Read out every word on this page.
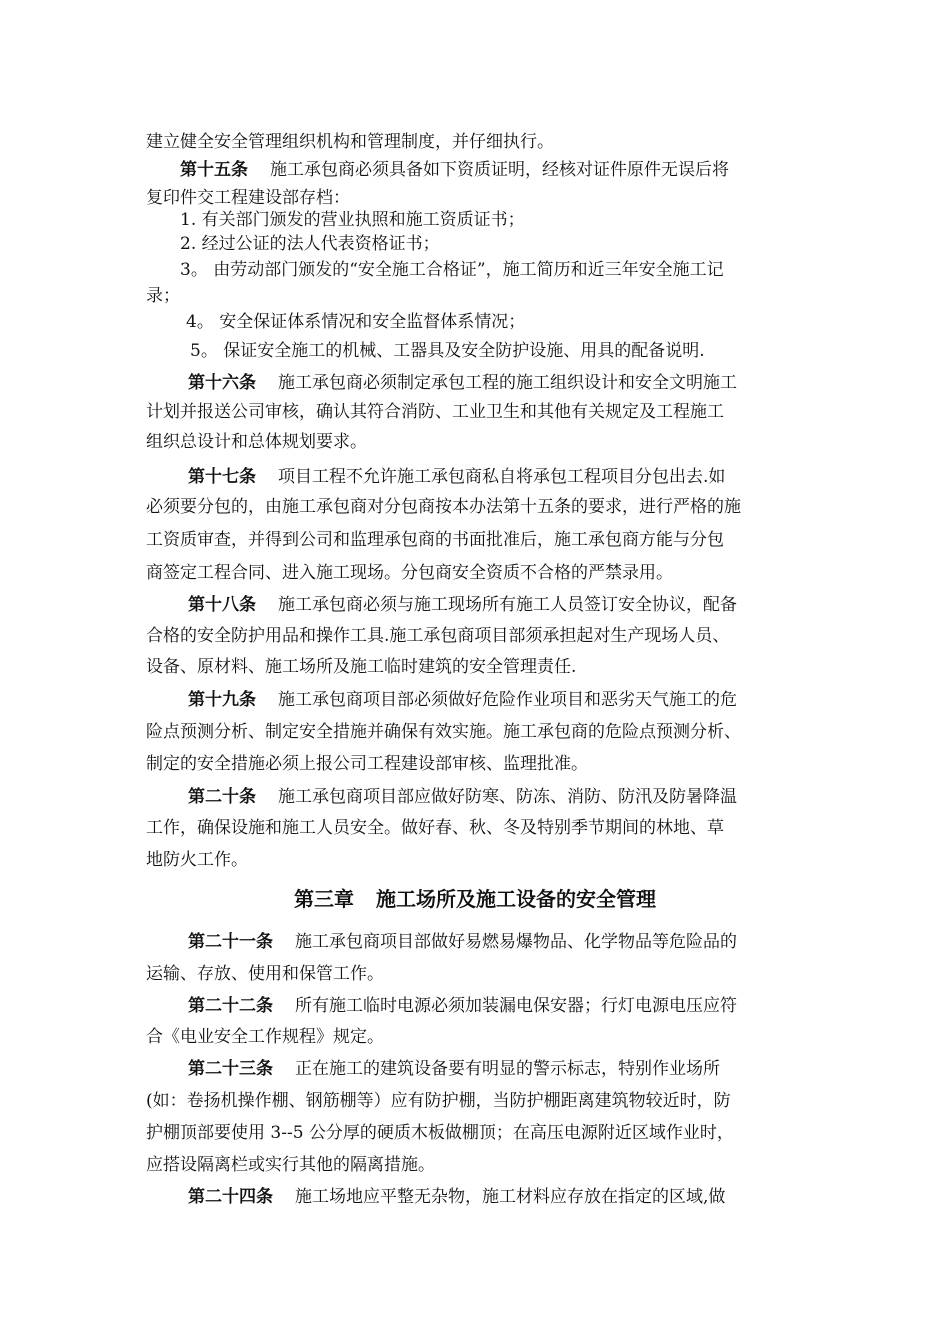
建立健全安全管理组织机构和管理制度，并仔细执行。
第十五条 施工承包商必须具备如下资质证明，经核对证件原件无误后将
复印件交工程建设部存档：
1. 有关部门颁发的营业执照和施工资质证书；
2. 经过公证的法人代表资格证书；
3。 由劳动部门颁发的“安全施工合格证”，施工简历和近三年安全施工记
录；
4。 安全保证体系情况和安全监督体系情况；
5。 保证安全施工的机械、工器具及安全防护设施、用具的配备说明.
第十六条 施工承包商必须制定承包工程的施工组织设计和安全文明施工
计划并报送公司审核，确认其符合消防、工业卫生和其他有关规定及工程施工
组织总设计和总体规划要求。
第十七条 项目工程不允许施工承包商私自将承包工程项目分包出去.如
必须要分包的，由施工承包商对分包商按本办法第十五条的要求，进行严格的施
工资质审查，并得到公司和监理承包商的书面批准后，施工承包商方能与分包
商签定工程合同、进入施工现场。分包商安全资质不合格的严禁录用。
第十八条 施工承包商必须与施工现场所有施工人员签订安全协议，配备
合格的安全防护用品和操作工具.施工承包商项目部须承担起对生产现场人员、
设备、原材料、施工场所及施工临时建筑的安全管理责任.
第十九条 施工承包商项目部必须做好危险作业项目和恶劣天气施工的危
险点预测分析、制定安全措施并确保有效实施。施工承包商的危险点预测分析、
制定的安全措施必须上报公司工程建设部审核、监理批准。
第二十条 施工承包商项目部应做好防寒、防冻、消防、防汛及防暑降温
工作，确保设施和施工人员安全。做好春、秋、冬及特别季节期间的林地、草
地防火工作。
第三章 施工场所及施工设备的安全管理
第二十一条 施工承包商项目部做好易燃易爆物品、化学物品等危险品的
运输、存放、使用和保管工作。
第二十二条 所有施工临时电源必须加装漏电保安器；行灯电源电压应符
合《电业安全工作规程》规定。
第二十三条 正在施工的建筑设备要有明显的警示标志，特别作业场所
(如：卷扬机操作棚、钢筋棚等）应有防护棚，当防护棚距离建筑物较近时，防
护棚顶部要使用 3--5 公分厚的硬质木板做棚顶；在高压电源附近区域作业时，
应搭设隔离栏或实行其他的隔离措施。
第二十四条 施工场地应平整无杂物，施工材料应存放在指定的区域,做
